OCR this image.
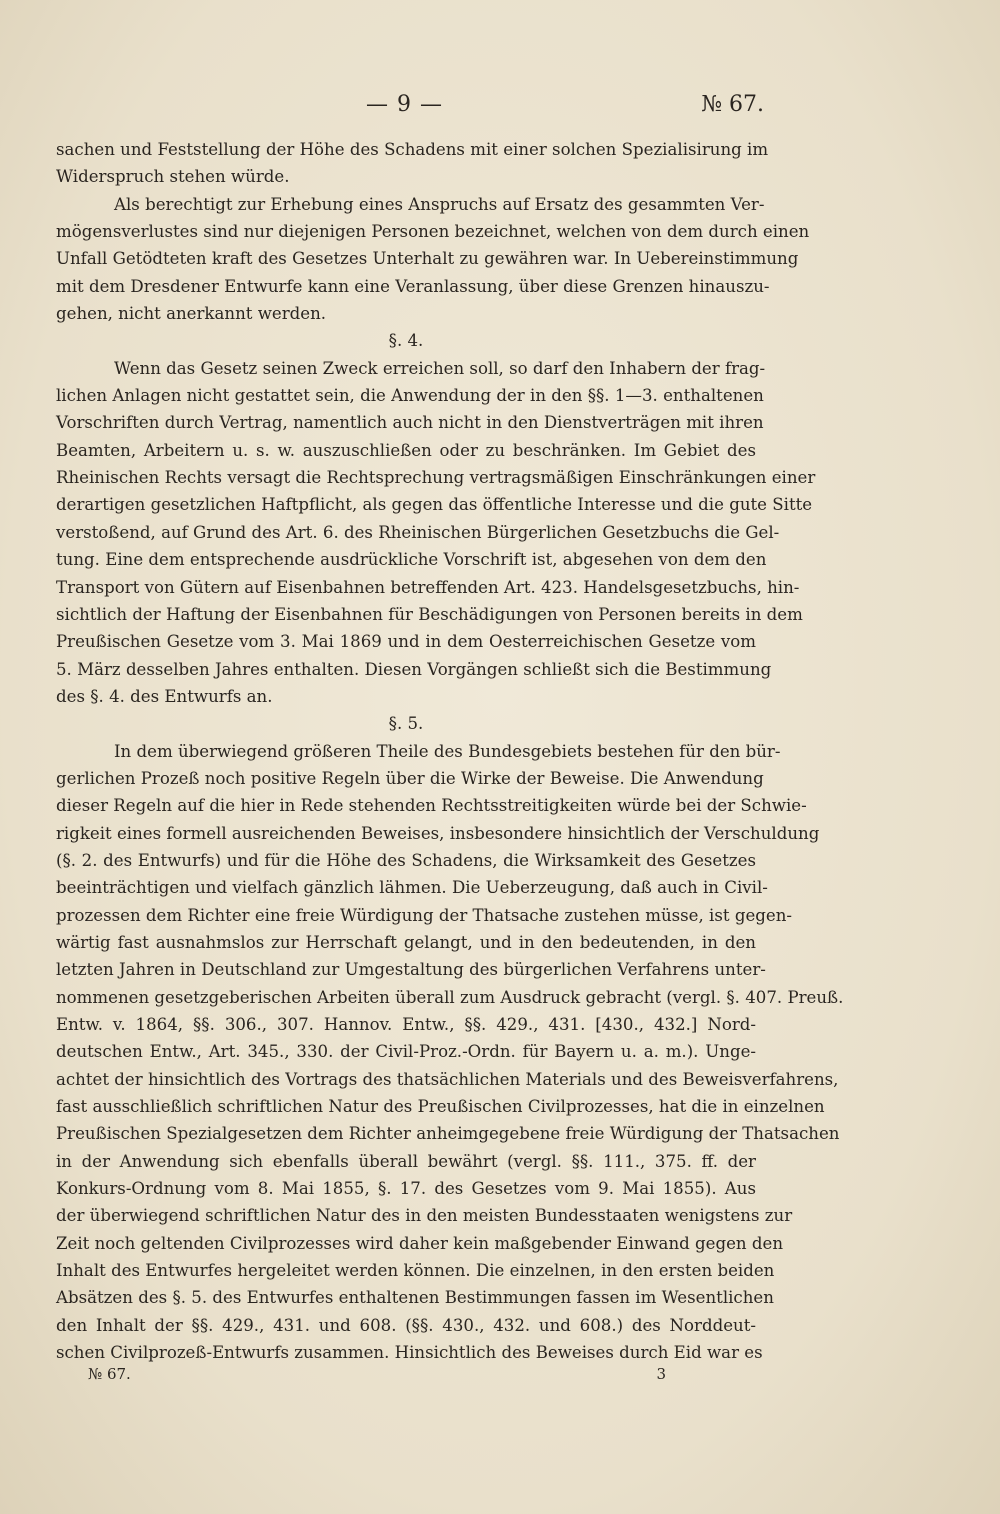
— 9 —	№ 67.
sachen und Feststellung der Höhe des Schadens mit einer solchen Spezialisirung im
Widerspruch stehen würde.
Als berechtigt zur Erhebung eines Anspruchs auf Ersatz des gesammten Ver-
mögensverlustes sind nur diejenigen Personen bezeichnet, welchen von dem durch einen
Unfall Getödteten kraft des Gesetzes Unterhalt zu gewähren war. In Uebereinstimmung
mit dem Dresdener Entwurfe kann eine Veranlassung, über diese Grenzen hinauszu-
gehen, nicht anerkannt werden.
§. 4.
Wenn das Gesetz seinen Zweck erreichen soll, so darf den Inhabern der frag-
lichen Anlagen nicht gestattet sein, die Anwendung der in den §§. 1—3. enthaltenen
Vorschriften durch Vertrag, namentlich auch nicht in den Dienstverträgen mit ihren
Beamten, Arbeitern u. s. w. auszuschließen oder zu beschränken. Im Gebiet des
Rheinischen Rechts versagt die Rechtsprechung vertragsmäßigen Einschränkungen einer
derartigen gesetzlichen Haftpflicht, als gegen das öffentliche Interesse und die gute Sitte
verstoßend, auf Grund des Art. 6. des Rheinischen Bürgerlichen Gesetzbuchs die Gel-
tung. Eine dem entsprechende ausdrückliche Vorschrift ist, abgesehen von dem den
Transport von Gütern auf Eisenbahnen betreffenden Art. 423. Handelsgesetzbuchs, hin-
sichtlich der Haftung der Eisenbahnen für Beschädigungen von Personen bereits in dem
Preußischen Gesetze vom 3. Mai 1869 und in dem Oesterreichischen Gesetze vom
5. März desselben Jahres enthalten. Diesen Vorgängen schließt sich die Bestimmung
des §. 4. des Entwurfs an.
§. 5.
In dem überwiegend größeren Theile des Bundesgebiets bestehen für den bür-
gerlichen Prozeß noch positive Regeln über die Wirke der Beweise. Die Anwendung
dieser Regeln auf die hier in Rede stehenden Rechtsstreitigkeiten würde bei der Schwie-
rigkeit eines formell ausreichenden Beweises, insbesondere hinsichtlich der Verschuldung
(§. 2. des Entwurfs) und für die Höhe des Schadens, die Wirksamkeit des Gesetzes
beeinträchtigen und vielfach gänzlich lähmen. Die Ueberzeugung, daß auch in Civil-
prozessen dem Richter eine freie Würdigung der Thatsache zustehen müsse, ist gegen-
wärtig fast ausnahmslos zur Herrschaft gelangt, und in den bedeutenden, in den
letzten Jahren in Deutschland zur Umgestaltung des bürgerlichen Verfahrens unter-
nommenen gesetzgeberischen Arbeiten überall zum Ausdruck gebracht (vergl. §. 407. Preuß.
Entw. v. 1864, §§. 306., 307. Hannov. Entw., §§. 429., 431. [430., 432.] Nord-
deutschen Entw., Art. 345., 330. der Civil-Proz.-Ordn. für Bayern u. a. m.). Unge-
achtet der hinsichtlich des Vortrags des thatsächlichen Materials und des Beweisverfahrens,
fast ausschließlich schriftlichen Natur des Preußischen Civilprozesses, hat die in einzelnen
Preußischen Spezialgesetzen dem Richter anheimgegebene freie Würdigung der Thatsachen
in der Anwendung sich ebenfalls überall bewährt (vergl. §§. 111., 375. ff. der
Konkurs-Ordnung vom 8. Mai 1855, §. 17. des Gesetzes vom 9. Mai 1855). Aus
der überwiegend schriftlichen Natur des in den meisten Bundesstaaten wenigstens zur
Zeit noch geltenden Civilprozesses wird daher kein maßgebender Einwand gegen den
Inhalt des Entwurfes hergeleitet werden können. Die einzelnen, in den ersten beiden
Absätzen des §. 5. des Entwurfes enthaltenen Bestimmungen fassen im Wesentlichen
den Inhalt der §§. 429., 431. und 608. (§§. 430., 432. und 608.) des Norddeut-
schen Civilprozeß-Entwurfs zusammen. Hinsichtlich des Beweises durch Eid war es
№ 67.	3
